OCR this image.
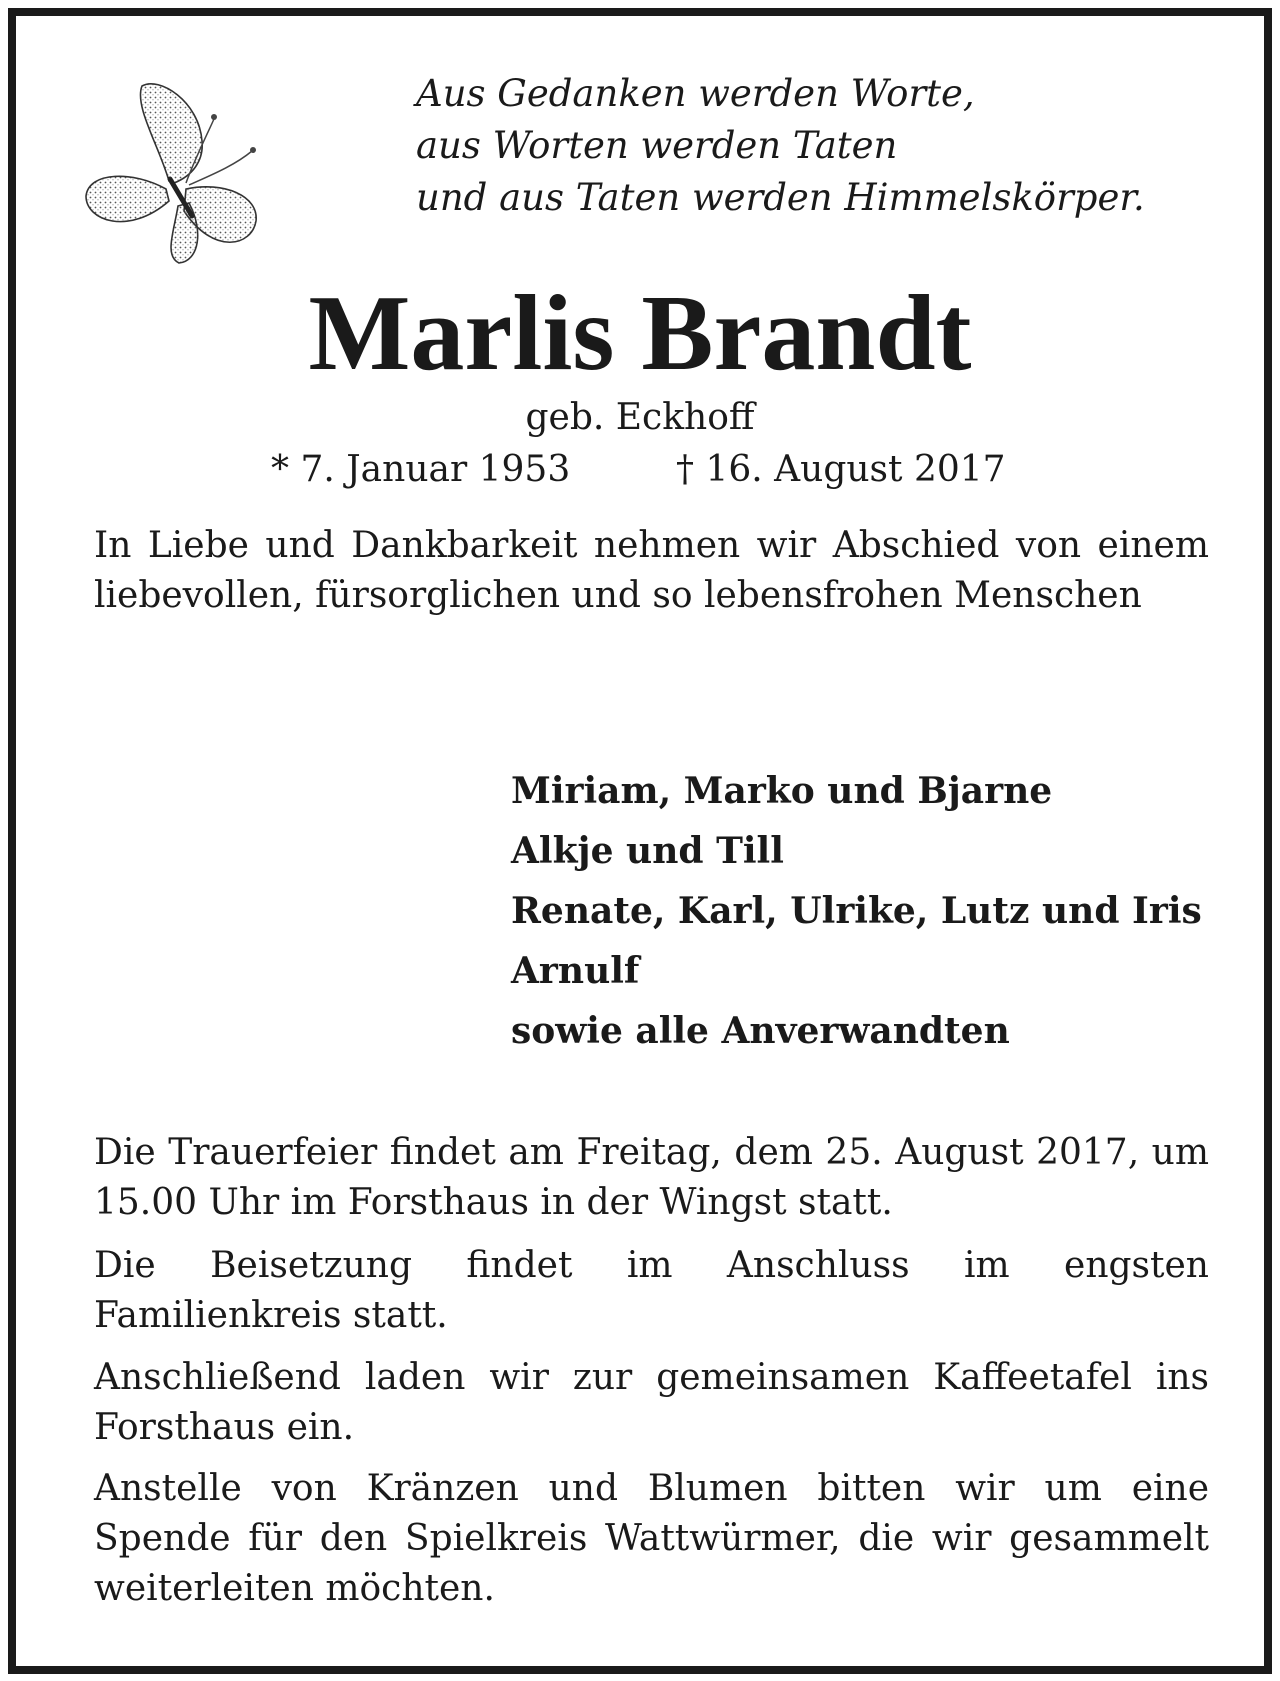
Aus Gedanken werden Worte,
aus Worten werden Taten
und aus Taten werden Himmelskörper.
Marlis Brandt
geb. Eckhoff
* 7. Januar 1953	† 16. August 2017

In Liebe und Dankbarkeit nehmen wir Abschied von einem liebevollen, fürsorglichen und so lebensfrohen Menschen

Miriam, Marko und Bjarne
Alkje und Till
Renate, Karl, Ulrike, Lutz und Iris
Arnulf
sowie alle Anverwandten

Die Trauerfeier findet am Freitag, dem 25. August 2017, um 15.00 Uhr im Forsthaus in der Wingst statt.

Die Beisetzung findet im Anschluss im engsten Familienkreis statt.

Anschließend laden wir zur gemeinsamen Kaffeetafel ins Forsthaus ein.

Anstelle von Kränzen und Blumen bitten wir um eine Spende für den Spielkreis Wattwürmer, die wir gesammelt weiterleiten möchten.
